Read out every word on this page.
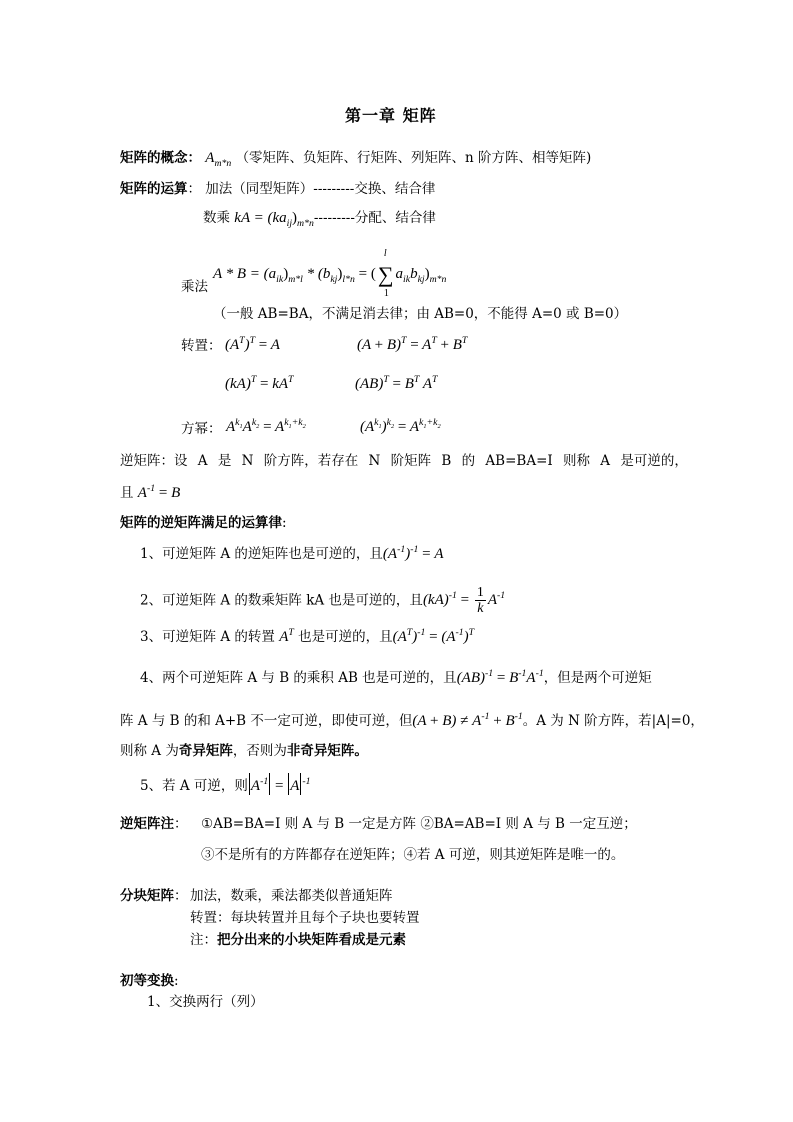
第一章 矩阵
矩阵的概念： $A_{m*n}$ （零矩阵、负矩阵、行矩阵、列矩阵、n 阶方阵、相等矩阵)
矩阵的运算： 加法（同型矩阵）---------交换、结合律
数乘 kA = $(ka_{ij})_{m*n}---------$分配、结合律
$A * B = (a_{ik})_{m*l} * (b_{kj})_{l*n}$ = (∑
l
1
$a_{ik}b_{kj})_{m*n}$
乘法
（一般 AB=BA，不满足消去律；由 AB=0，不能得 A=0 或 B=0）
转置： $(A^T)^T = A$	$(A + B)^T = A^T + B^T$
$(kA)^T = kA^T$	$(AB)^T = B^T$ $A^T$
方幂： $A^{k_1}A^{k_2} = A^{k_1+k_2}$	$(A^{k_1})^{k_2} = A^{k_1+k_2}$
逆矩阵：设 A 是 N 阶方阵，若存在 N 阶矩阵 B 的 AB=BA=I 则称 A 是可逆的，
且 $A^{-1} = B$
矩阵的逆矩阵满足的运算律:
1、可逆矩阵 A 的逆矩阵也是可逆的，且$(A^{-1})^{-1} = A$
2、可逆矩阵 A 的数乘矩阵 kA 也是可逆的，且$(kA)^{-1} = \frac{1}{k} A^{-1}$
3、可逆矩阵 A 的转置 $A^T$ 也是可逆的，且$(A^T)^{-1} = (A^{-1})^T$
4、两个可逆矩阵 A 与 B 的乘积 AB 也是可逆的，且$(AB)^{-1} = B^{-1}A^{-1}$，但是两个可逆矩
阵 A 与 B 的和 A+B 不一定可逆，即使可逆，但$(A + B) \ne A^{-1} + B^{-1}$。A 为 N 阶方阵，若|A|=0，
则称 A 为奇异矩阵，否则为非奇异矩阵。
5、若 A 可逆，则 $A^{-1} = A$ $^{-1}$
逆矩阵注： ①AB=BA=I 则 A 与 B 一定是方阵 ②BA=AB=I 则 A 与 B 一定互逆；
③不是所有的方阵都存在逆矩阵；④若 A 可逆，则其逆矩阵是唯一的。
分块矩阵： 加法，数乘，乘法都类似普通矩阵
转置：每块转置并且每个子块也要转置
注：把分出来的小块矩阵看成是元素
初等变换:
1、交换两行（列）
